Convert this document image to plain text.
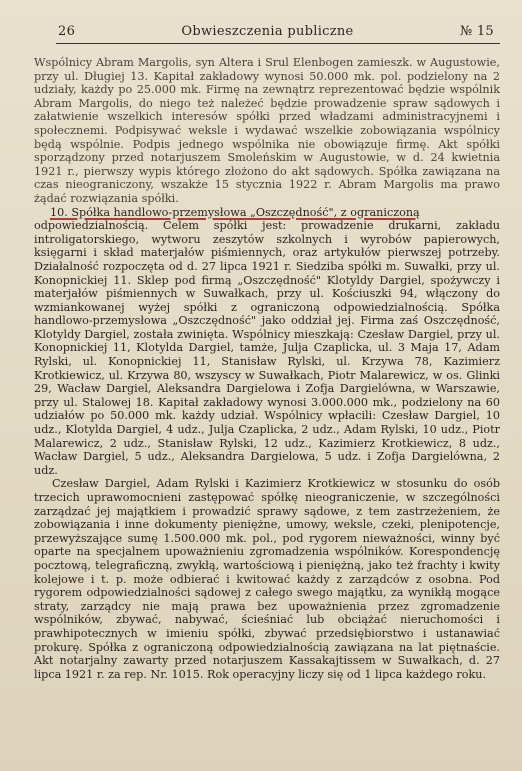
26	Obwieszczenia publiczne	№ 15

Wspólnicy Abram Margolis, syn Altera i Srul Elenbogen zamieszk. w Augustowie, przy ul. Długiej 13. Kapitał zakładowy wynosi 50.000 mk. pol. podzielony na 2 udziały, każdy po 25.000 mk. Firmę na zewnątrz reprezentować będzie wspólnik Abram Margolis, do niego też należeć będzie prowadzenie spraw sądowych i załatwienie wszelkich interesów spółki przed władzami administracyjnemi i społecznemi. Podpisywać weksle i wydawać wszelkie zobowiązania wspólnicy będą wspólnie. Podpis jednego wspólnika nie obowiązuje firmę. Akt spółki sporządzony przed notarjuszem Smoleńskim w Augustowie, w d. 24 kwietnia 1921 r., pierwszy wypis którego złożono do akt sądowych. Spółka zawiązana na czas nieograniczony, wszakże 15 stycznia 1922 r. Abram Margolis ma prawo żądać rozwiązania spółki.

10. Spółka handlowo-przemysłowa „Oszczędność", z ograniczoną

odpowiedzialnością. Celem spółki jest: prowadzenie drukarni, zakładu introligatorskiego, wytworu zeszytów szkolnych i wyrobów papierowych, księgarni i skład materjałów piśmiennych, oraz artykułów pierwszej potrzeby. Działalność rozpoczęta od d. 27 lipca 1921 r. Siedziba spółki m. Suwałki, przy ul. Konopnickiej 11. Sklep pod firmą „Oszczędność" Klotyldy Dargiel, spożywczy i materjałów piśmiennych w Suwałkach, przy ul. Kościuszki 94, włączony do wzmiankowanej wyżej spółki z ograniczoną odpowiedzialnością. Spółka handlowo-przemysłowa „Oszczędność" jako oddział jej. Firma zaś Oszczędność, Klotyldy Dargiel, została zwinięta. Wspólnicy mieszkają: Czesław Dargiel, przy ul. Konopnickiej 11, Klotylda Dargiel, tamże, Julja Czaplicka, ul. 3 Maja 17, Adam Rylski, ul. Konopnickiej 11, Stanisław Rylski, ul. Krzywa 78, Kazimierz Krotkiewicz, ul. Krzywa 80, wszyscy w Suwałkach, Piotr Malarewicz, w os. Glinki 29, Wacław Dargiel, Aleksandra Dargielowa i Zofja Dargielówna, w Warszawie, przy ul. Stalowej 18. Kapitał zakładowy wynosi 3.000.000 mk., podzielony na 60 udziałów po 50.000 mk. każdy udział. Wspólnicy wpłacili: Czesław Dargiel, 10 udz., Klotylda Dargiel, 4 udz., Julja Czaplicka, 2 udz., Adam Rylski, 10 udz., Piotr Malarewicz, 2 udz., Stanisław Rylski, 12 udz., Kazimierz Krotkiewicz, 8 udz., Wacław Dargiel, 5 udz., Aleksandra Dargielowa, 5 udz. i Zofja Dargielówna, 2 udz.

Czesław Dargiel, Adam Rylski i Kazimierz Krotkiewicz w stosunku do osób trzecich uprawomocnieni zastępować spółkę nieograniczenie, w szczególności zarządzać jej majątkiem i prowadzić sprawy sądowe, z tem zastrzeżeniem, że zobowiązania i inne dokumenty pieniężne, umowy, weksle, czeki, plenipotencje, przewyższające sumę 1.500.000 mk. pol., pod rygorem nieważności, winny być oparte na specjalnem upoważnieniu zgromadzenia wspólników. Korespondencję pocztową, telegraficzną, zwykłą, wartościową i pieniężną, jako też frachty i kwity kolejowe i t. p. może odbierać i kwitować każdy z zarządców z osobna. Pod rygorem odpowiedzialności sądowej z całego swego majątku, za wynikłą mogące straty, zarządcy nie mają prawa bez upoważnienia przez zgromadzenie wspólników, zbywać, nabywać, ścieśniać lub obciążać nieruchomości i prawhipotecznych w imieniu spółki, zbywać przedsiębiorstwo i ustanawiać prokurę. Spółka z ograniczoną odpowiedzialnością zawiązana na lat piętnaście. Akt notarjalny zawarty przed notarjuszem Kassakajtissem w Suwałkach, d. 27 lipca 1921 r. za rep. Nr. 1015. Rok operacyjny liczy się od 1 lipca każdego roku.
